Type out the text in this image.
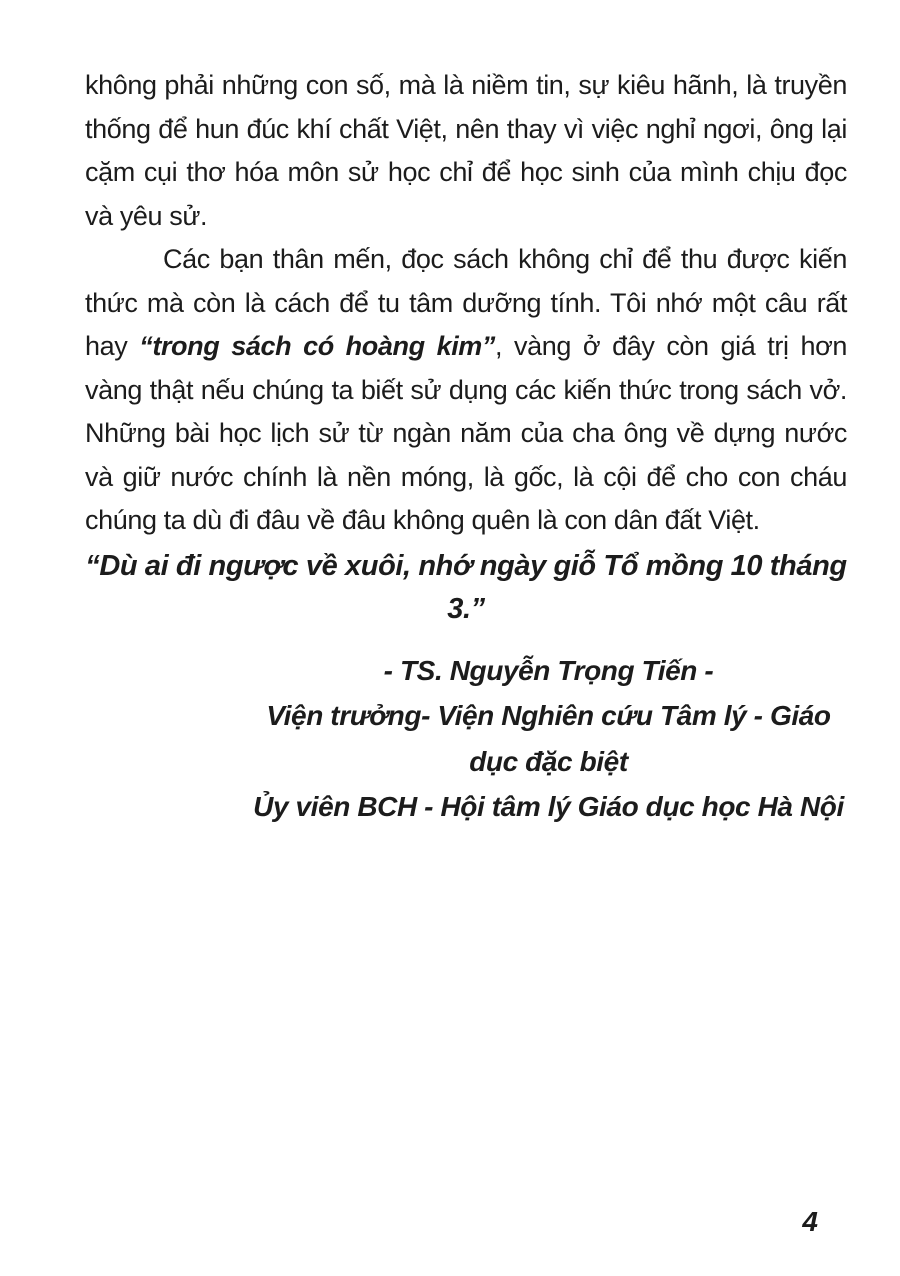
không phải những con số, mà là niềm tin, sự kiêu hãnh, là truyền thống để hun đúc khí chất Việt, nên thay vì việc nghỉ ngơi, ông lại cặm cụi thơ hóa môn sử học chỉ để học sinh của mình chịu đọc và yêu sử.

Các bạn thân mến, đọc sách không chỉ để thu được kiến thức mà còn là cách để tu tâm dưỡng tính. Tôi nhớ một câu rất hay “trong sách có hoàng kim”, vàng ở đây còn giá trị hơn vàng thật nếu chúng ta biết sử dụng các kiến thức trong sách vở. Những bài học lịch sử từ ngàn năm của cha ông về dựng nước và giữ nước chính là nền móng, là gốc, là cội để cho con cháu chúng ta dù đi đâu về đâu không quên là con dân đất Việt.

“Dù ai đi ngược về xuôi, nhớ ngày giỗ Tổ mồng 10 tháng 3.”

- TS. Nguyễn Trọng Tiến -
Viện trưởng- Viện Nghiên cứu Tâm lý - Giáo dục đặc biệt
Ủy viên BCH - Hội tâm lý Giáo dục học Hà Nội
4
